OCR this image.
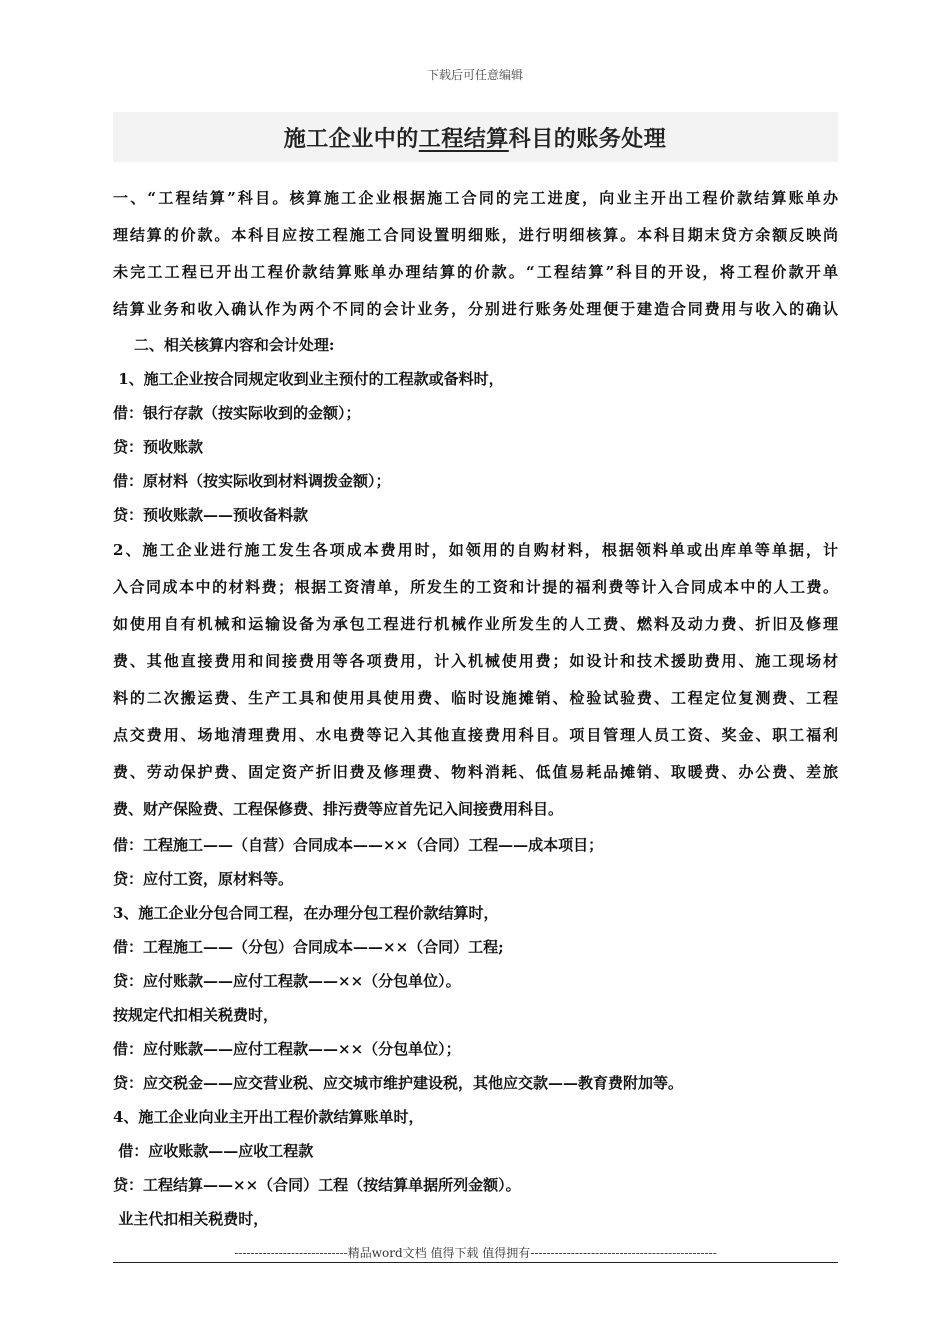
下载后可任意编辑
施工企业中的工程结算科目的账务处理
一、“工程结算”科目。核算施工企业根据施工合同的完工进度，向业主开出工程价款结算账单办
理结算的价款。本科目应按工程施工合同设置明细账，进行明细核算。本科目期末贷方余额反映尚
未完工工程已开出工程价款结算账单办理结算的价款。“工程结算”科目的开设，将工程价款开单
结算业务和收入确认作为两个不同的会计业务，分别进行账务处理便于建造合同费用与收入的确认
二、相关核算内容和会计处理:
1、施工企业按合同规定收到业主预付的工程款或备料时，
借：银行存款（按实际收到的金额）；
贷：预收账款
借：原材料（按实际收到材料调拨金额）；
贷：预收账款——预收备料款
2、施工企业进行施工发生各项成本费用时，如领用的自购材料，根据领料单或出库单等单据，计
入合同成本中的材料费；根据工资清单，所发生的工资和计提的福利费等计入合同成本中的人工费。
如使用自有机械和运输设备为承包工程进行机械作业所发生的人工费、燃料及动力费、折旧及修理
费、其他直接费用和间接费用等各项费用，计入机械使用费；如设计和技术援助费用、施工现场材
料的二次搬运费、生产工具和使用具使用费、临时设施摊销、检验试验费、工程定位复测费、工程
点交费用、场地清理费用、水电费等记入其他直接费用科目。项目管理人员工资、奖金、职工福利
费、劳动保护费、固定资产折旧费及修理费、物料消耗、低值易耗品摊销、取暖费、办公费、差旅
费、财产保险费、工程保修费、排污费等应首先记入间接费用科目。
借：工程施工——（自营）合同成本——××（合同）工程——成本项目；
贷：应付工资，原材料等。
3、施工企业分包合同工程，在办理分包工程价款结算时，
借：工程施工——（分包）合同成本——××（合同）工程;
贷：应付账款——应付工程款——××（分包单位）。
按规定代扣相关税费时，
借：应付账款——应付工程款——××（分包单位）；
贷：应交税金——应交营业税、应交城市维护建设税，其他应交款——教育费附加等。
4、施工企业向业主开出工程价款结算账单时，
借：应收账款——应收工程款
贷：工程结算——××（合同）工程（按结算单据所列金额）。
业主代扣相关税费时，
----------------------------精品word文档 值得下载 值得拥有----------------------------------------------
